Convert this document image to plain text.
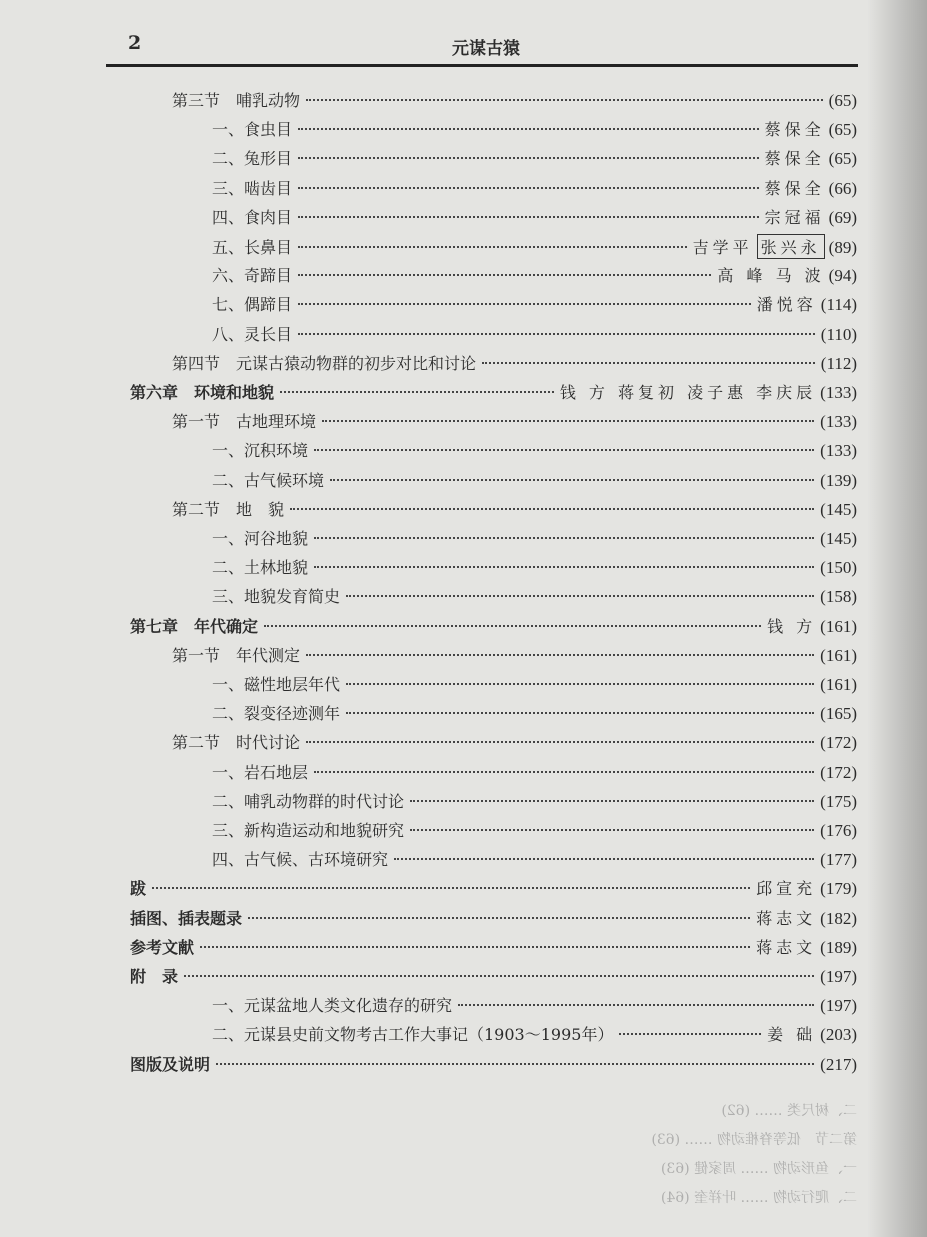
2	元谋古猿
第三节　哺乳动物	(65)
一、食虫目	蔡保全 (65)
二、兔形目	蔡保全 (65)
三、啮齿目	蔡保全 (66)
四、食肉目	宗冠福 (69)
五、长鼻目	吉学平 张兴永 (89)
六、奇蹄目	高 峰 马 波 (94)
七、偶蹄目	潘悦容 (114)
八、灵长目	(110)
第四节　元谋古猿动物群的初步对比和讨论	(112)
第六章　环境和地貌	钱 方 蒋复初 凌子惠 李庆辰 (133)
第一节　古地理环境	(133)
一、沉积环境	(133)
二、古气候环境	(139)
第二节　地　貌	(145)
一、河谷地貌	(145)
二、土林地貌	(150)
三、地貌发育简史	(158)
第七章　年代确定	钱 方 (161)
第一节　年代测定	(161)
一、磁性地层年代	(161)
二、裂变径迹测年	(165)
第二节　时代讨论	(172)
一、岩石地层	(172)
二、哺乳动物群的时代讨论	(175)
三、新构造运动和地貌研究	(176)
四、古气候、古环境研究	(177)
跋	邱宣充 (179)
插图、插表题录	蒋志文 (182)
参考文献	蒋志文 (189)
附　录	(197)
一、元谋盆地人类文化遗存的研究	(197)
二、元谋县史前文物考古工作大事记（1903～1995年）	姜 础 (203)
图版及说明	(217)
二、树尺类 …… (62)
第二节　低等脊椎动物 …… (63)
一、鱼形动物 …… 周家健 (63)
二、爬行动物 …… 叶祥奎 (64)
